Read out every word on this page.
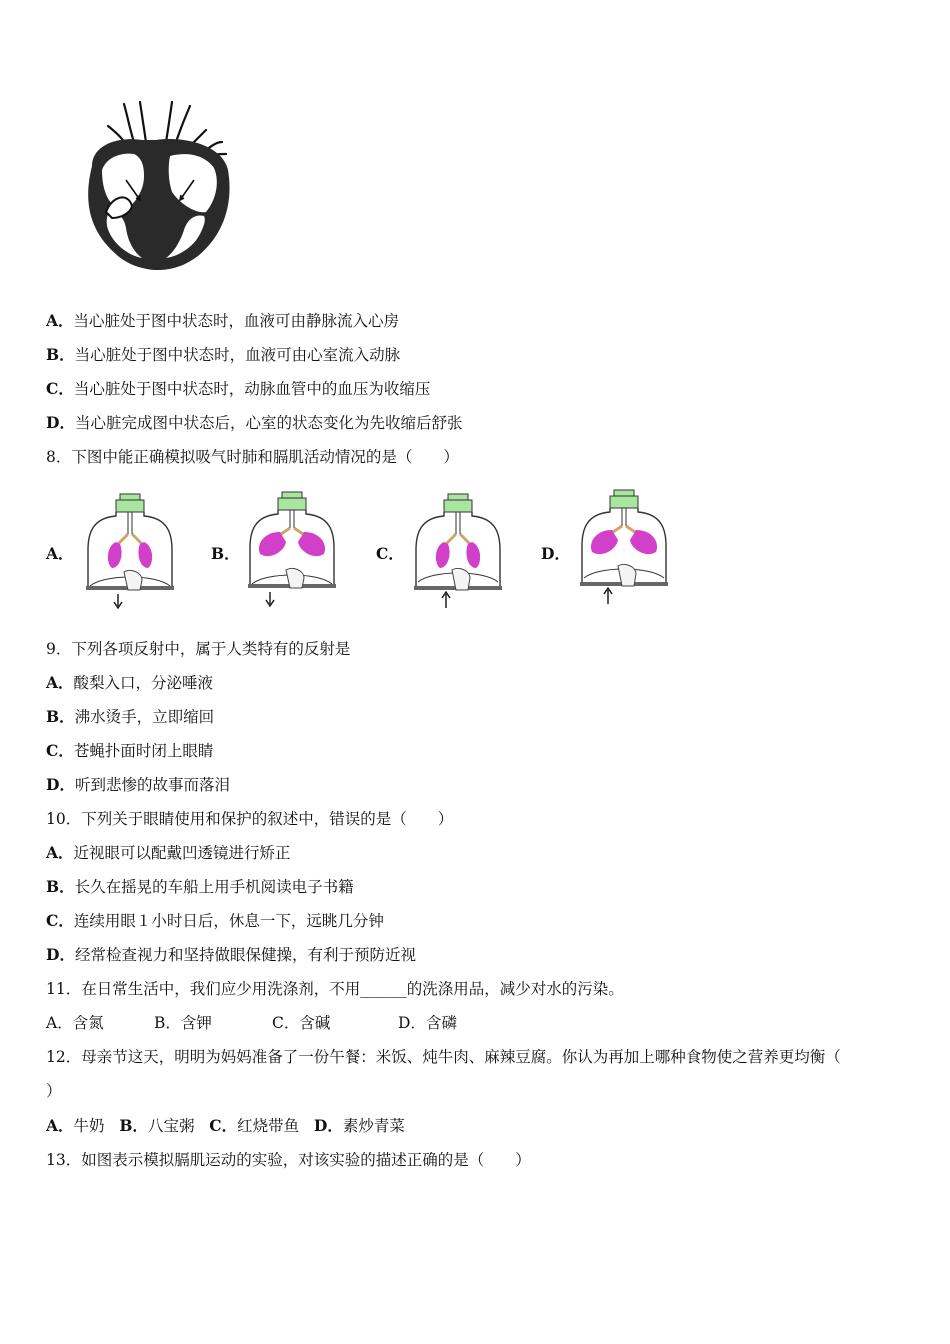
A．当心脏处于图中状态时，血液可由静脉流入心房
B．当心脏处于图中状态时，血液可由心室流入动脉
C．当心脏处于图中状态时，动脉血管中的血压为收缩压
D．当心脏完成图中状态后，心室的状态变化为先收缩后舒张
8．下图中能正确模拟吸气时肺和膈肌活动情况的是（　　）
A．	B．	C．	D．
9．下列各项反射中，属于人类特有的反射是
A．酸梨入口，分泌唾液
B．沸水烫手，立即缩回
C．苍蝇扑面时闭上眼睛
D．听到悲惨的故事而落泪
10．下列关于眼睛使用和保护的叙述中，错误的是（　　）
A．近视眼可以配戴凹透镜进行矫正
B．长久在摇晃的车船上用手机阅读电子书籍
C．连续用眼１小时日后，休息一下，远眺几分钟
D．经常检查视力和坚持做眼保健操，有利于预防近视
11．在日常生活中，我们应少用洗涤剂，不用______的洗涤用品，减少对水的污染。
A．含氮	B．含钾	C．含碱	D．含磷
12．母亲节这天，明明为妈妈准备了一份午餐：米饭、炖牛肉、麻辣豆腐。你认为再加上哪种食物使之营养更均衡（
）
A．牛奶 B．八宝粥 C．红烧带鱼 D．素炒青菜
13．如图表示模拟膈肌运动的实验，对该实验的描述正确的是（　　）
